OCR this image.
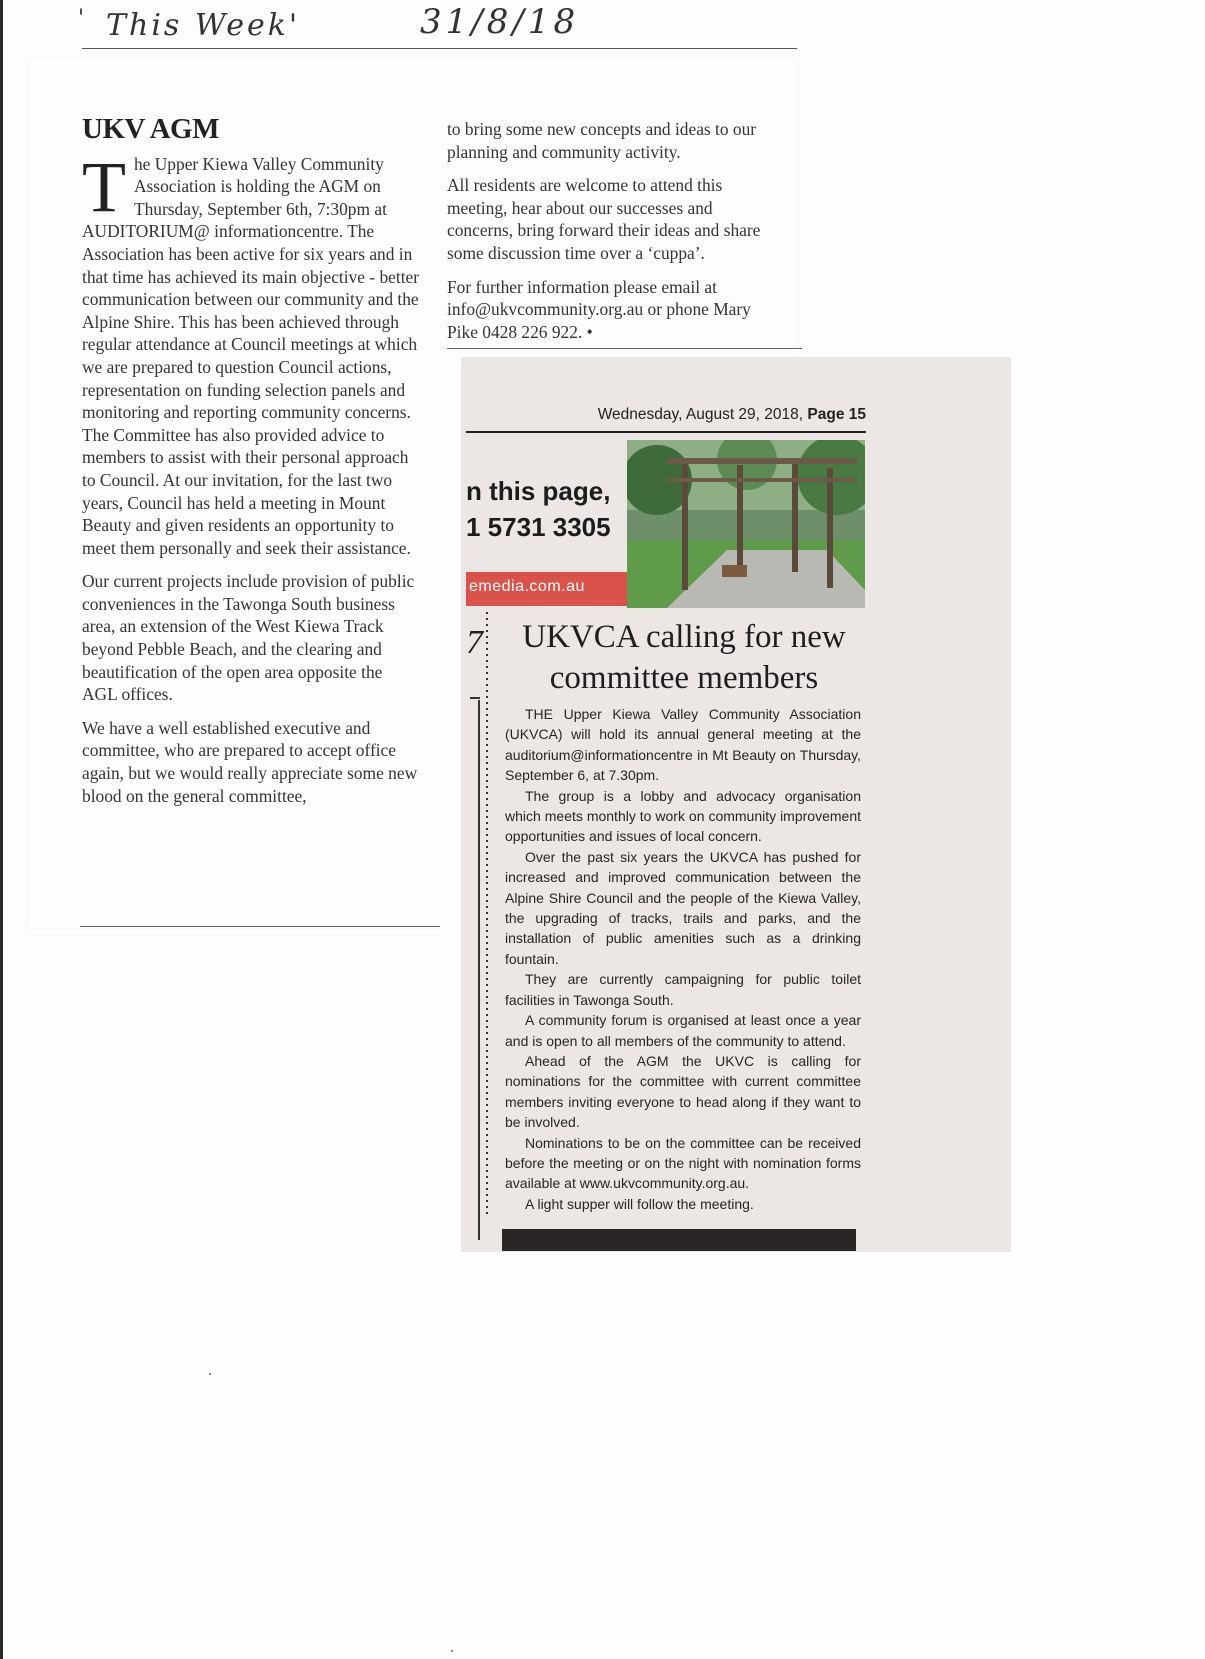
' This Week'	31/8/18
UKV AGM

The Upper Kiewa Valley Community Association is holding the AGM on Thursday, September 6th, 7:30pm at AUDITORIUM@ informationcentre. The Association has been active for six years and in that time has achieved its main objective - better communication between our community and the Alpine Shire. This has been achieved through regular attendance at Council meetings at which we are prepared to question Council actions, representation on funding selection panels and monitoring and reporting community concerns. The Committee has also provided advice to members to assist with their personal approach to Council. At our invitation, for the last two years, Council has held a meeting in Mount Beauty and given residents an opportunity to meet them personally and seek their assistance.

Our current projects include provision of public conveniences in the Tawonga South business area, an extension of the West Kiewa Track beyond Pebble Beach, and the clearing and beautification of the open area opposite the AGL offices.

We have a well established executive and committee, who are prepared to accept office again, but we would really appreciate some new blood on the general committee,

to bring some new concepts and ideas to our planning and community activity.

All residents are welcome to attend this meeting, hear about our successes and concerns, bring forward their ideas and share some discussion time over a ‘cuppa’.

For further information please email at info@ukvcommunity.org.au or phone Mary Pike 0428 226 922. •

Wednesday, August 29, 2018, Page 15
n this page,
1 5731 3305
emedia.com.au
7	UKVCA calling for new
committee members

THE Upper Kiewa Valley Community Association (UKVCA) will hold its annual general meeting at the auditorium@informationcentre in Mt Beauty on Thursday, September 6, at 7.30pm.

The group is a lobby and advocacy organisation which meets monthly to work on community improvement opportunities and issues of local concern.

Over the past six years the UKVCA has pushed for increased and improved communication between the Alpine Shire Council and the people of the Kiewa Valley, the upgrading of tracks, trails and parks, and the installation of public amenities such as a drinking fountain.

They are currently campaigning for public toilet facilities in Tawonga South.

A community forum is organised at least once a year and is open to all members of the community to attend.

Ahead of the AGM the UKVC is calling for nominations for the committee with current committee members inviting everyone to head along if they want to be involved.

Nominations to be on the committee can be received before the meeting or on the night with nomination forms available at www.ukvcommunity.org.au.

A light supper will follow the meeting.
